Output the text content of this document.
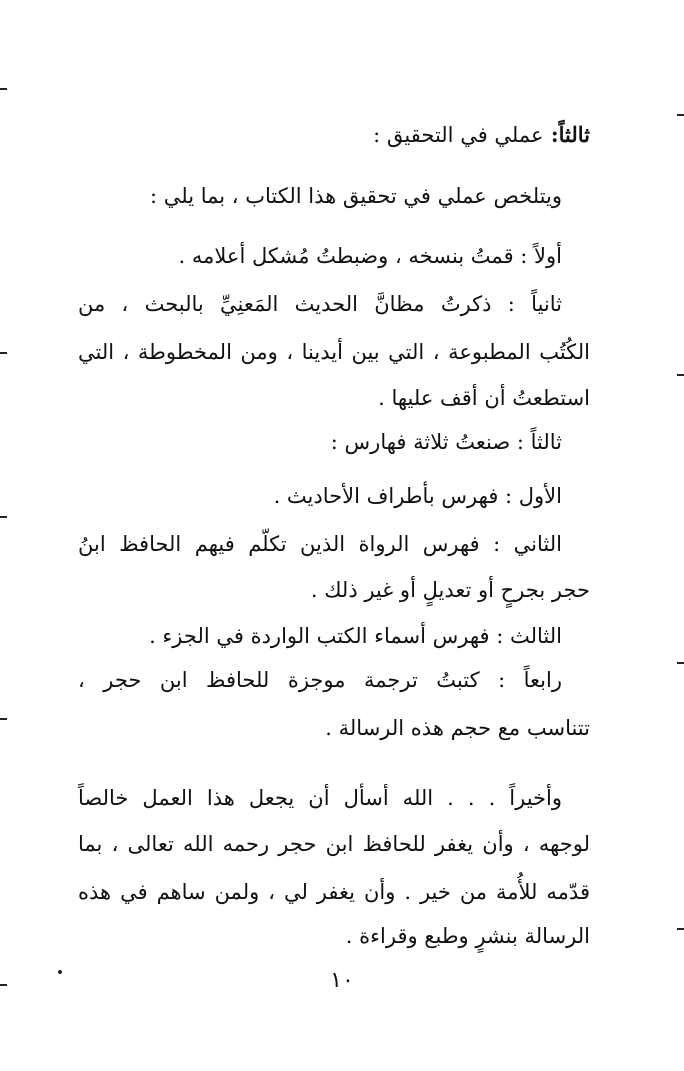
ثالثاً: عملي في التحقيق :
ويتلخص عملي في تحقيق هذا الكتاب ، بما يلي :
أولاً : قمتُ بنسخه ، وضبطتُ مُشكل أعلامه .
ثانياً : ذكرتُ مظانَّ الحديث المَعنِيِّ بالبحث ، من
الكُتُب المطبوعة ، التي بين أيدينا ، ومن المخطوطة ، التي
استطعتُ أن أقف عليها .
ثالثاً : صنعتُ ثلاثة فهارس :
الأول : فهرس بأطراف الأحاديث .
الثاني : فهرس الرواة الذين تكلّم فيهم الحافظ ابنُ
حجر بجرحٍ أو تعديلٍ أو غير ذلك .
الثالث : فهرس أسماء الكتب الواردة في الجزء .
رابعاً : كتبتُ ترجمة موجزة للحافظ ابن حجر ،
تتناسب مع حجم هذه الرسالة .
وأخيراً . . . الله أسأل أن يجعل هذا العمل خالصاً
لوجهه ، وأن يغفر للحافظ ابن حجر رحمه الله تعالى ، بما
قدّمه للأُمة من خير . وأن يغفر لي ، ولمن ساهم في هذه
الرسالة بنشرٍ وطبع وقراءة .
١٠
